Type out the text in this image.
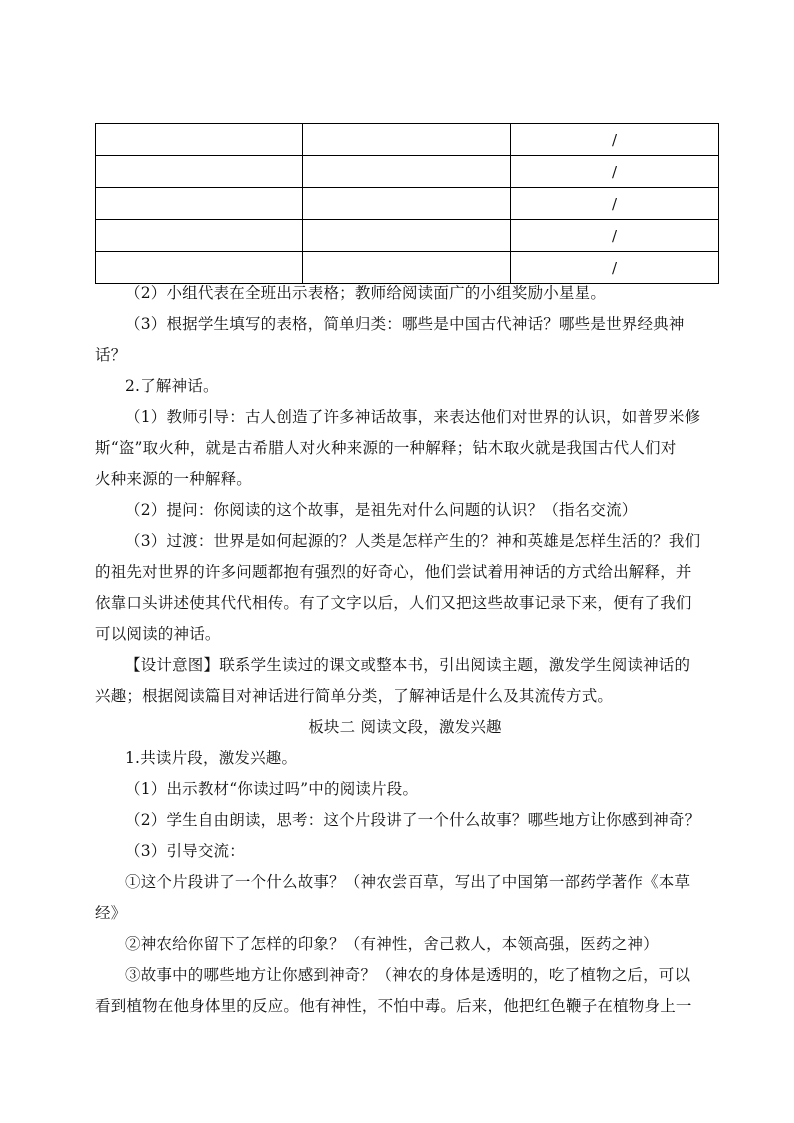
		/
		/
		/
		/
		/
（2）小组代表在全班出示表格；教师给阅读面广的小组奖励小星星。
（3）根据学生填写的表格，简单归类：哪些是中国古代神话？哪些是世界经典神
话？
2.了解神话。
（1）教师引导：古人创造了许多神话故事，来表达他们对世界的认识，如普罗米修
斯“盗”取火种，就是古希腊人对火种来源的一种解释；钻木取火就是我国古代人们对
火种来源的一种解释。
（2）提问：你阅读的这个故事，是祖先对什么问题的认识？（指名交流）
（3）过渡：世界是如何起源的？人类是怎样产生的？神和英雄是怎样生活的？我们
的祖先对世界的许多问题都抱有强烈的好奇心，他们尝试着用神话的方式给出解释，并
依靠口头讲述使其代代相传。有了文字以后，人们又把这些故事记录下来，便有了我们
可以阅读的神话。
【设计意图】联系学生读过的课文或整本书，引出阅读主题，激发学生阅读神话的
兴趣；根据阅读篇目对神话进行简单分类，了解神话是什么及其流传方式。
板块二 阅读文段，激发兴趣
1.共读片段，激发兴趣。
（1）出示教材“你读过吗”中的阅读片段。
（2）学生自由朗读，思考：这个片段讲了一个什么故事？哪些地方让你感到神奇？
（3）引导交流：
①这个片段讲了一个什么故事？（神农尝百草，写出了中国第一部药学著作《本草
经》
②神农给你留下了怎样的印象？（有神性，舍己救人，本领高强，医药之神）
③故事中的哪些地方让你感到神奇？（神农的身体是透明的，吃了植物之后，可以
看到植物在他身体里的反应。他有神性，不怕中毒。后来，他把红色鞭子在植物身上一
